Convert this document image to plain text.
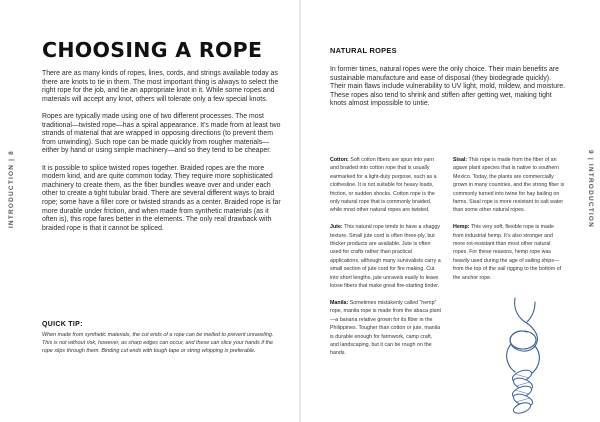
INTRODUCTION | 8
CHOOSING A ROPE

There are as many kinds of ropes, lines, cords, and strings available today as there are knots to tie in them. The most important thing is always to select the right rope for the job, and tie an appropriate knot in it. While some ropes and materials will accept any knot, others will tolerate only a few special knots.

Ropes are typically made using one of two different processes. The most traditional—twisted rope—has a spiral appearance. It’s made from at least two strands of material that are wrapped in opposing directions (to prevent them from unwinding). Such rope can be made quickly from rougher materials—either by hand or using simple machinery—and so they tend to be cheaper.

It is possible to splice twisted ropes together. Braided ropes are the more modern kind, and are quite common today. They require more sophisticated machinery to create them, as the fiber bundles weave over and under each other to create a tight tubular braid. There are several different ways to braid rope; some have a filler core or twisted strands as a center. Braided rope is far more durable under friction, and when made from synthetic materials (as it often is), this rope fares better in the elements. The only real drawback with braided rope is that it cannot be spliced.

QUICK TIP:
When made from synthetic materials, the cut ends of a rope can be melted to prevent unraveling. This is not without risk, however, as sharp edges can occur, and these can slice your hands if the rope slips through them. Binding cut ends with tough tape or string whipping is preferable.
9 | INTRODUCTION
NATURAL ROPES

In former times, natural ropes were the only choice. Their main benefits are sustainable manufacture and ease of disposal (they biodegrade quickly). Their main flaws include vulnerability to UV light, mold, mildew, and moisture. These ropes also tend to shrink and stiffen after getting wet, making tight knots almost impossible to untie.

Cotton: Soft cotton fibers are spun into yarn and braided into cotton rope that is usually earmarked for a light-duty purpose, such as a clothesline. It is not suitable for heavy loads, friction, or sudden shocks. Cotton rope is the only natural rope that is commonly braided, while most other natural ropes are twisted.

Jute: This natural rope tends to have a shaggy texture. Small jute cord is often three-ply, but thicker products are available. Jute is often used for crafts rather than practical applications, although many survivalists carry a small section of jute cord for fire making. Cut into short lengths, jute unravels easily to leave loose fibers that make great fire-starting tinder.

Manila: Sometimes mistakenly called “hemp” rope, manila rope is made from the abaca plant—a banana relative grown for its fiber in the Philippines. Tougher than cotton or jute, manila is durable enough for farmwork, camp craft, and landscaping, but it can be rough on the hands.

Sisal: This rope is made from the fiber of an agave plant species that is native to southern Mexico. Today, the plants are commercially grown in many countries, and the strong fiber is commonly turned into twine for hay bailing on farms. Sisal rope is more resistant to salt water than some other natural ropes.

Hemp: This very soft, flexible rope is made from industrial hemp. It’s also stronger and more rot-resistant than most other natural ropes. For these reasons, hemp rope was heavily used during the age of sailing ships—from the top of the sail rigging to the bottom of the anchor rope.
